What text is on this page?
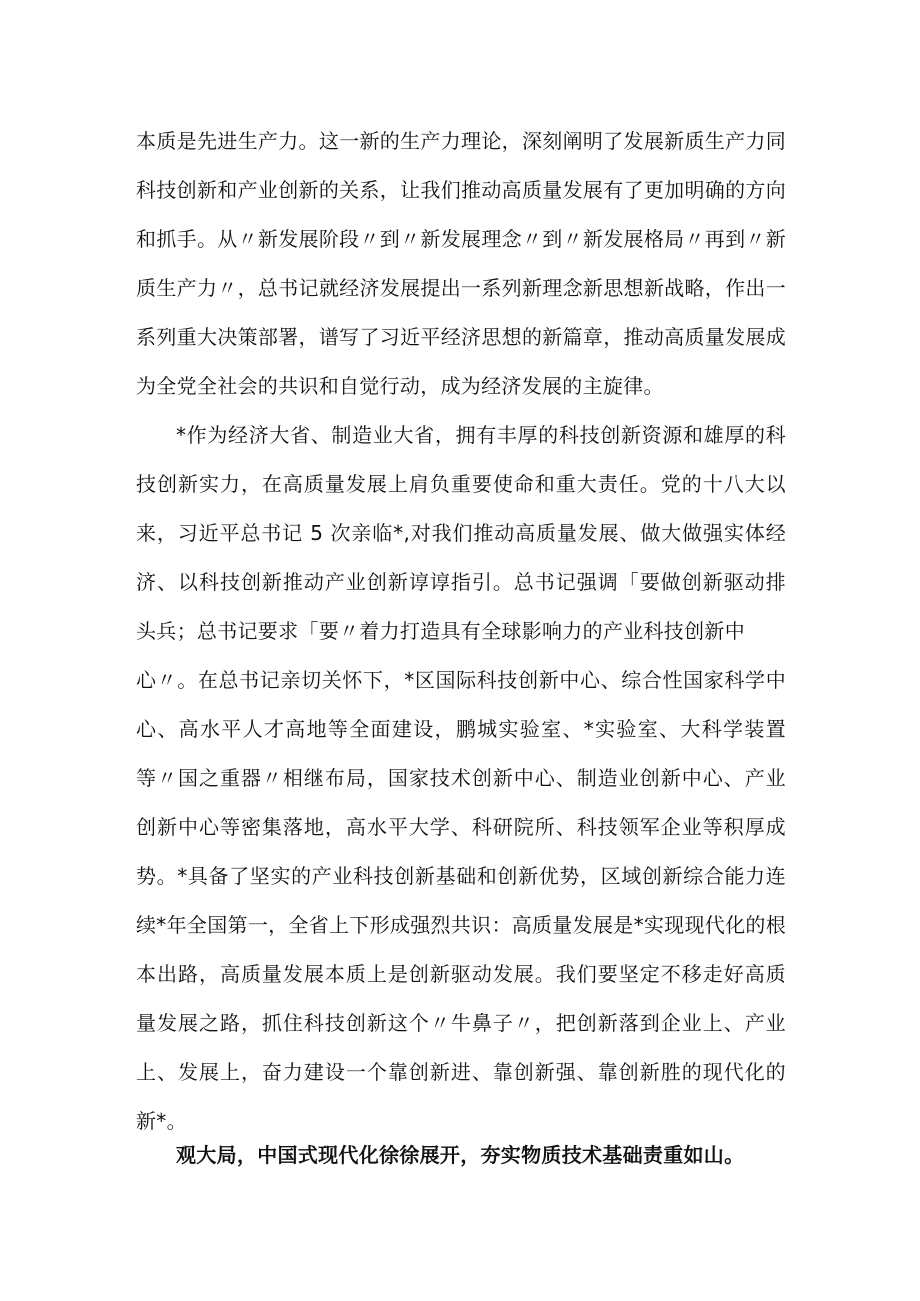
本质是先进生产力。这一新的生产力理论，深刻阐明了发展新质生产力同
科技创新和产业创新的关系，让我们推动高质量发展有了更加明确的方向
和抓手。从〃新发展阶段〃到〃新发展理念〃到〃新发展格局〃再到〃新
质生产力〃，总书记就经济发展提出一系列新理念新思想新战略，作出一
系列重大决策部署，谱写了习近平经济思想的新篇章，推动高质量发展成
为全党全社会的共识和自觉行动，成为经济发展的主旋律。
*作为经济大省、制造业大省，拥有丰厚的科技创新资源和雄厚的科
技创新实力，在高质量发展上肩负重要使命和重大责任。党的十八大以
来，习近平总书记 5 次亲临*,对我们推动高质量发展、做大做强实体经
济、以科技创新推动产业创新谆谆指引。总书记强调「要做创新驱动排
头兵；总书记要求「要〃着力打造具有全球影响力的产业科技创新中
心〃。在总书记亲切关怀下，*区国际科技创新中心、综合性国家科学中
心、高水平人才高地等全面建设，鹏城实验室、*实验室、大科学装置
等〃国之重器〃相继布局，国家技术创新中心、制造业创新中心、产业
创新中心等密集落地，高水平大学、科研院所、科技领军企业等积厚成
势。*具备了坚实的产业科技创新基础和创新优势，区域创新综合能力连
续*年全国第一，全省上下形成强烈共识：高质量发展是*实现现代化的根
本出路，高质量发展本质上是创新驱动发展。我们要坚定不移走好高质
量发展之路，抓住科技创新这个〃牛鼻子〃，把创新落到企业上、产业
上、发展上，奋力建设一个靠创新进、靠创新强、靠创新胜的现代化的
新*。
观大局，中国式现代化徐徐展开，夯实物质技术基础责重如山。
